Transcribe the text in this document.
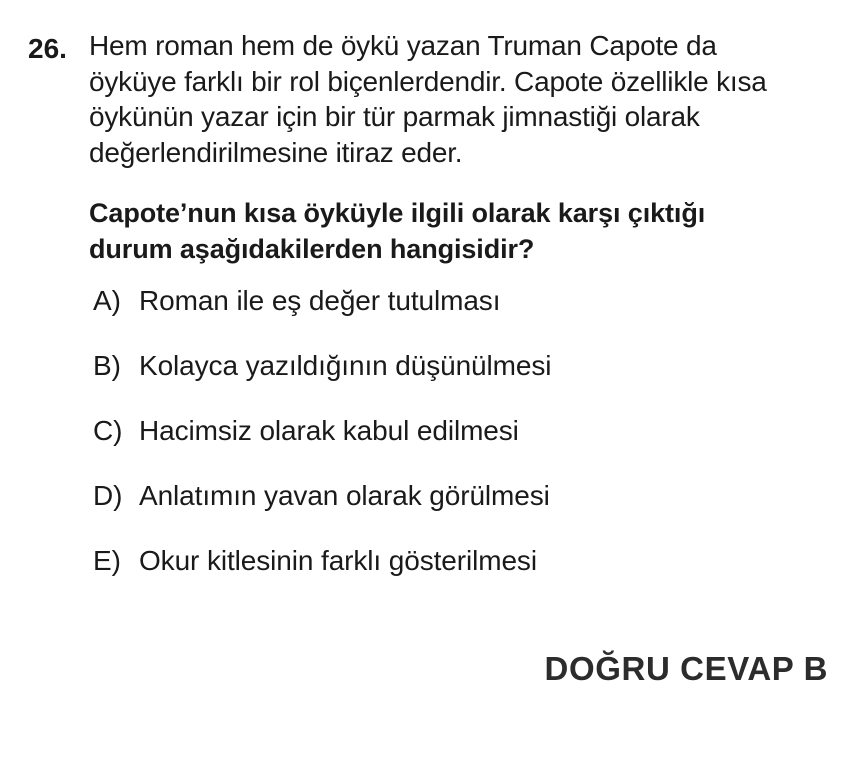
26. Hem roman hem de öykü yazan Truman Capote da
öyküye farklı bir rol biçenlerdendir. Capote özellikle kısa
öykünün yazar için bir tür parmak jimnastiği olarak
değerlendirilmesine itiraz eder.

Capote’nun kısa öyküyle ilgili olarak karşı çıktığı
durum aşağıdakilerden hangisidir?

A) Roman ile eş değer tutulması
B) Kolayca yazıldığının düşünülmesi
C) Hacimsiz olarak kabul edilmesi
D) Anlatımın yavan olarak görülmesi
E) Okur kitlesinin farklı gösterilmesi
DOĞRU CEVAP B
